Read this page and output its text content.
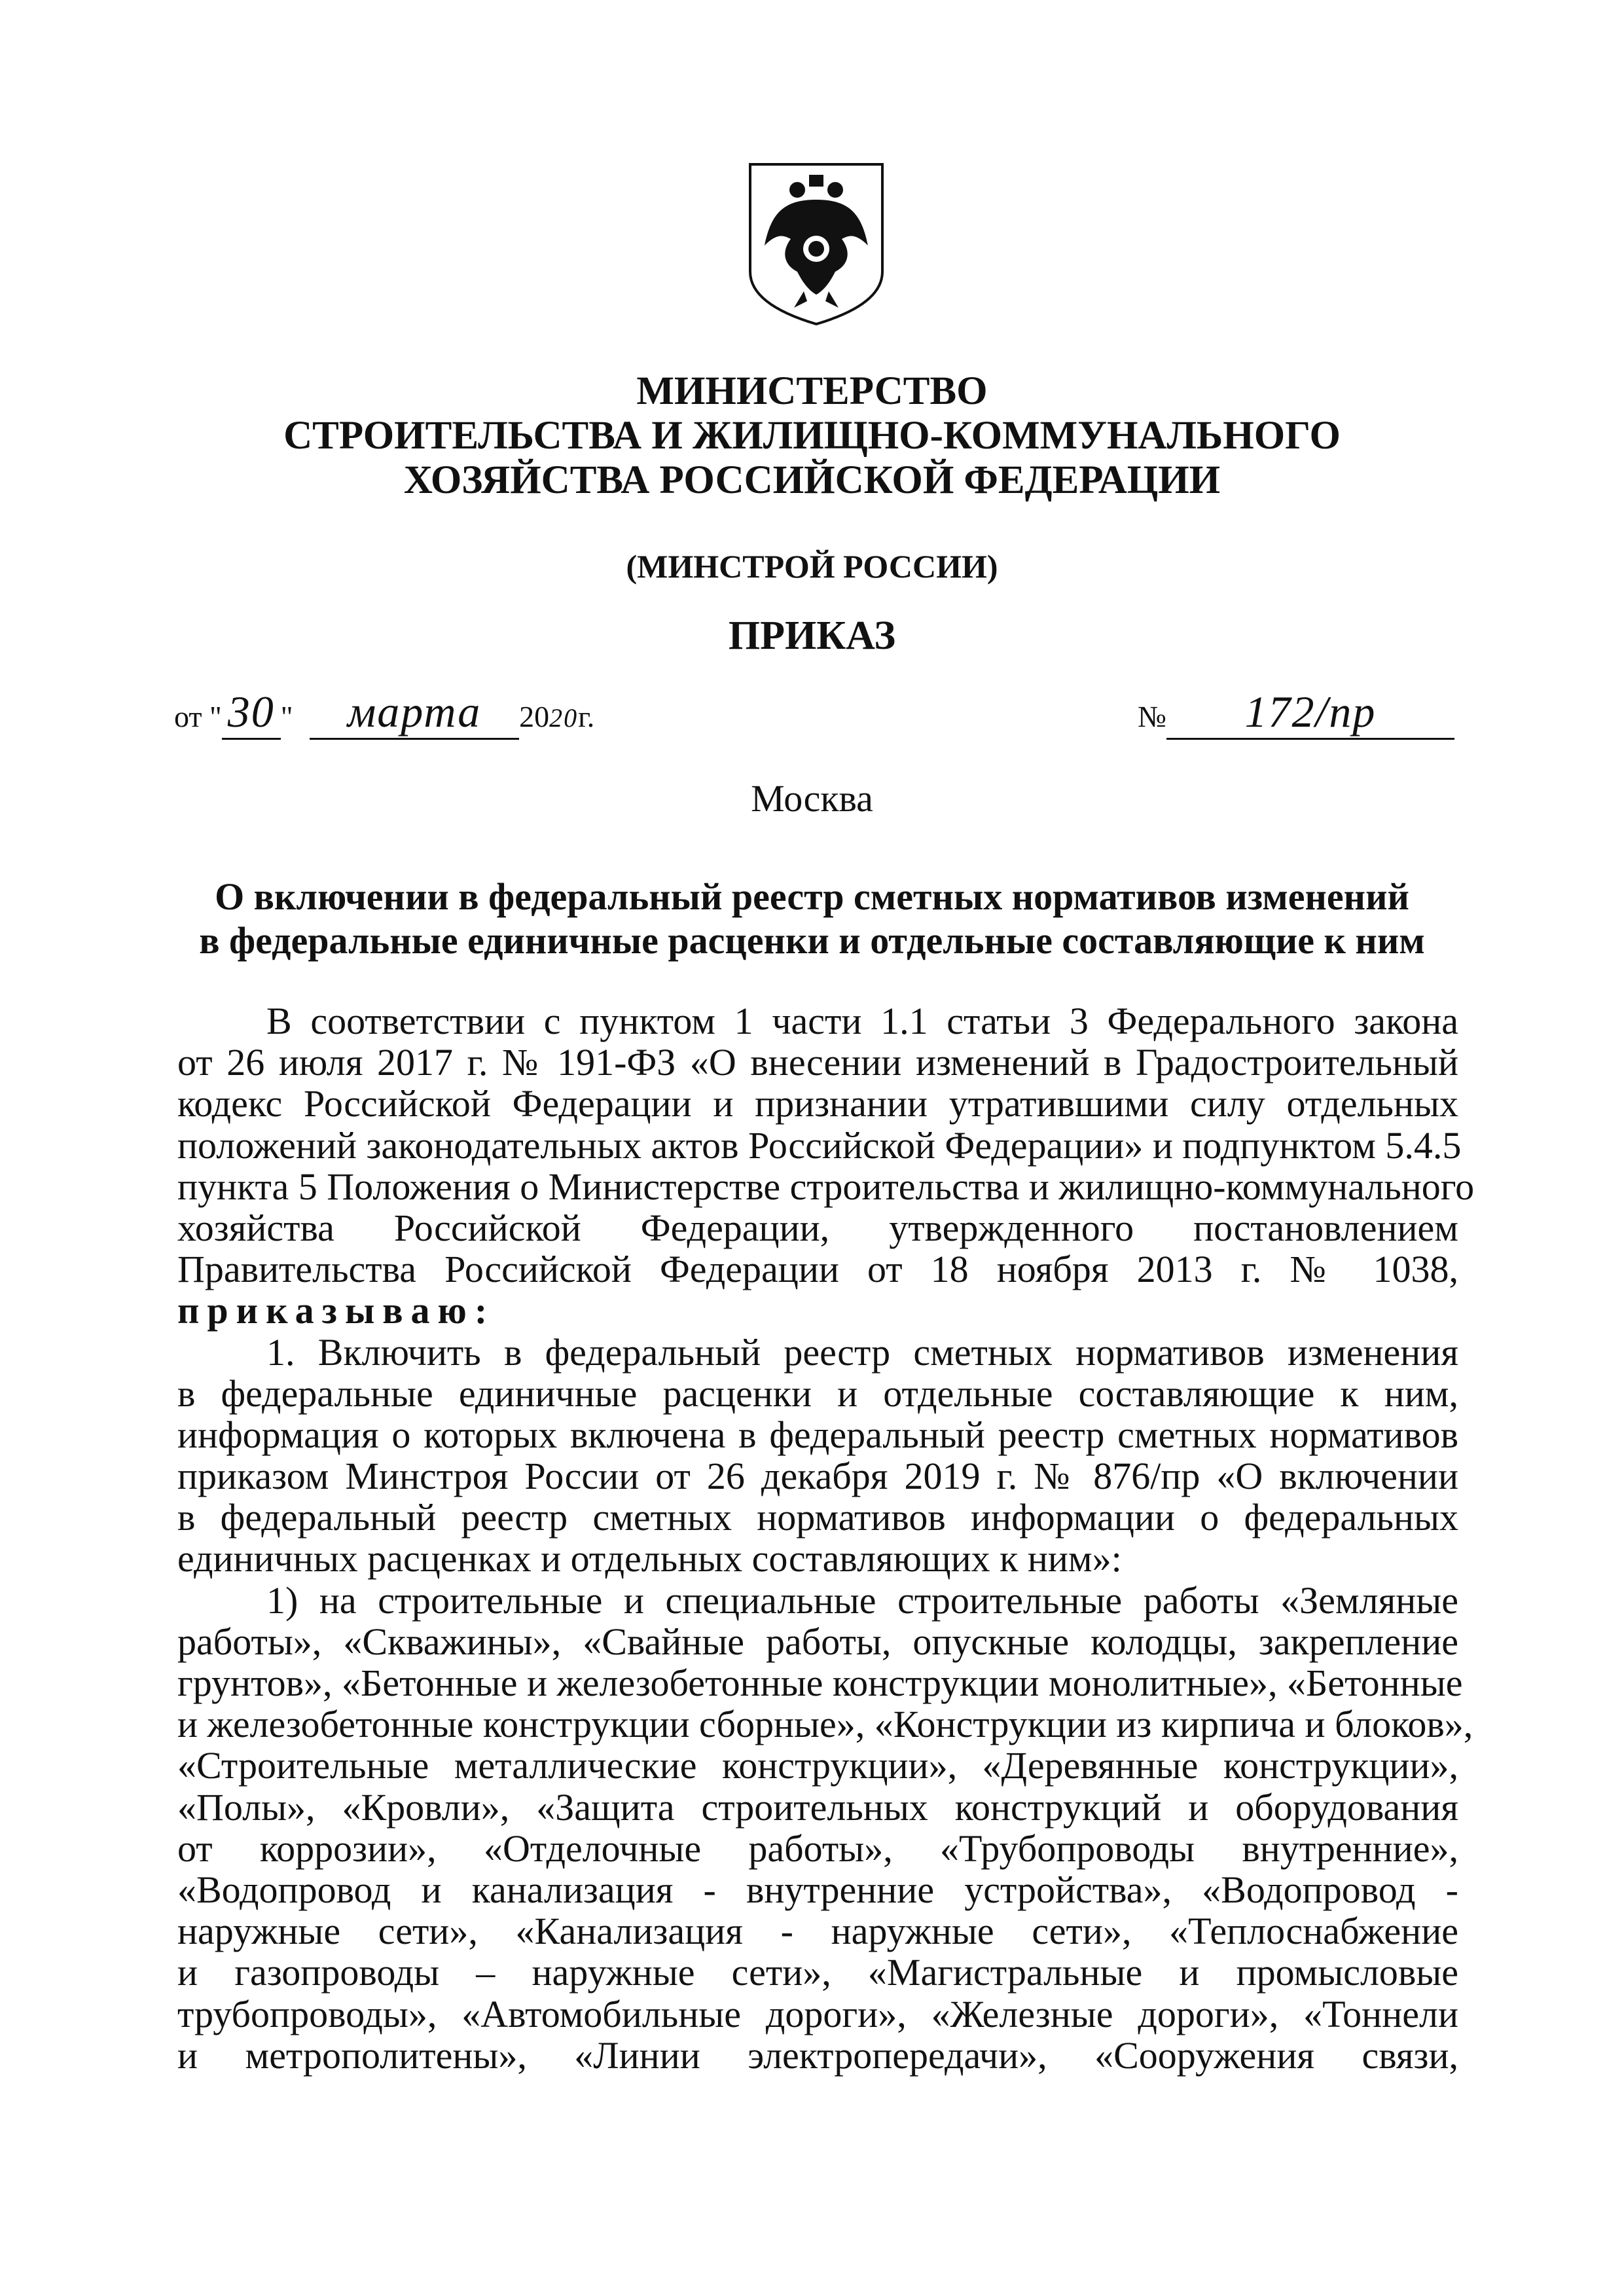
МИНИСТЕРСТВО
СТРОИТЕЛЬСТВА И ЖИЛИЩНО-КОММУНАЛЬНОГО
ХОЗЯЙСТВА РОССИЙСКОЙ ФЕДЕРАЦИИ
(МИНСТРОЙ РОССИИ)
ПРИКАЗ
от " 30 " марта 2020г.	№ 172/пр
Москва
О включении в федеральный реестр сметных нормативов изменений
в федеральные единичные расценки и отдельные составляющие к ним
В соответствии с пунктом 1 части 1.1 статьи 3 Федерального закона
от 26 июля 2017 г. № 191-ФЗ «О внесении изменений в Градостроительный
кодекс Российской Федерации и признании утратившими силу отдельных
положений законодательных актов Российской Федерации» и подпунктом 5.4.5
пункта 5 Положения о Министерстве строительства и жилищно-коммунального
хозяйства Российской Федерации, утвержденного постановлением
Правительства Российской Федерации от 18 ноября 2013 г. № 1038,
приказываю:
1. Включить в федеральный реестр сметных нормативов изменения
в федеральные единичные расценки и отдельные составляющие к ним,
информация о которых включена в федеральный реестр сметных нормативов
приказом Минстроя России от 26 декабря 2019 г. № 876/пр «О включении
в федеральный реестр сметных нормативов информации о федеральных
единичных расценках и отдельных составляющих к ним»:
1) на строительные и специальные строительные работы «Земляные
работы», «Скважины», «Свайные работы, опускные колодцы, закрепление
грунтов», «Бетонные и железобетонные конструкции монолитные», «Бетонные
и железобетонные конструкции сборные», «Конструкции из кирпича и блоков»,
«Строительные металлические конструкции», «Деревянные конструкции»,
«Полы», «Кровли», «Защита строительных конструкций и оборудования
от коррозии», «Отделочные работы», «Трубопроводы внутренние»,
«Водопровод и канализация - внутренние устройства», «Водопровод -
наружные сети», «Канализация - наружные сети», «Теплоснабжение
и газопроводы – наружные сети», «Магистральные и промысловые
трубопроводы», «Автомобильные дороги», «Железные дороги», «Тоннели
и метрополитены», «Линии электропередачи», «Сооружения связи,
